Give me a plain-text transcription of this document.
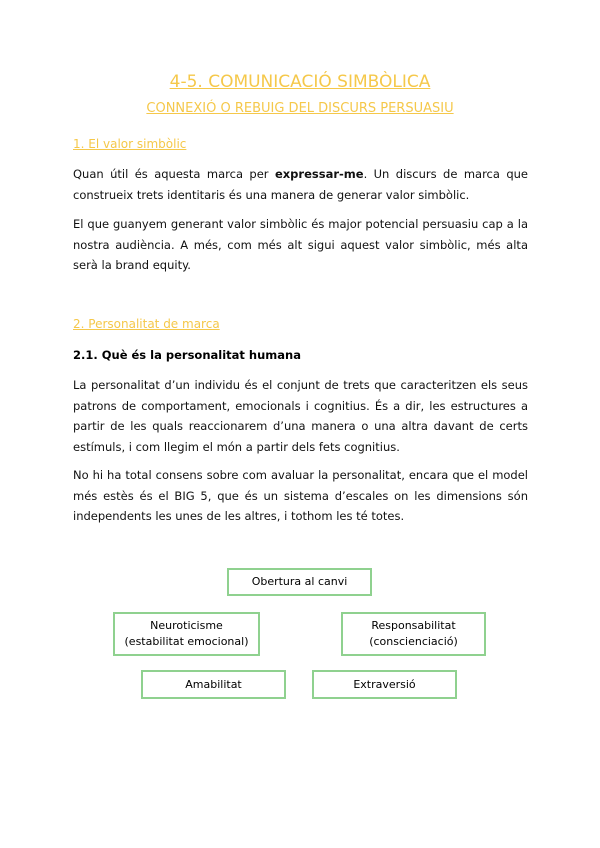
4-5. COMUNICACIÓ SIMBÒLICA
CONNEXIÓ O REBUIG DEL DISCURS PERSUASIU
1. El valor simbòlic

Quan útil és aquesta marca per expressar-me. Un discurs de marca que construeix trets identitaris és una manera de generar valor simbòlic.

El que guanyem generant valor simbòlic és major potencial persuasiu cap a la nostra audiència. A més, com més alt sigui aquest valor simbòlic, més alta serà la brand equity.

2. Personalitat de marca
2.1. Què és la personalitat humana

La personalitat d’un individu és el conjunt de trets que caracteritzen els seus patrons de comportament, emocionals i cognitius. És a dir, les estructures a partir de les quals reaccionarem d’una manera o una altra davant de certs estímuls, i com llegim el món a partir dels fets cognitius.

No hi ha total consens sobre com avaluar la personalitat, encara que el model més estès és el BIG 5, que és un sistema d’escales on les dimensions són independents les unes de les altres, i tothom les té totes.

Obertura al canvi
Neuroticisme
(estabilitat emocional)
Responsabilitat
(conscienciació)
Amabilitat	Extraversió
